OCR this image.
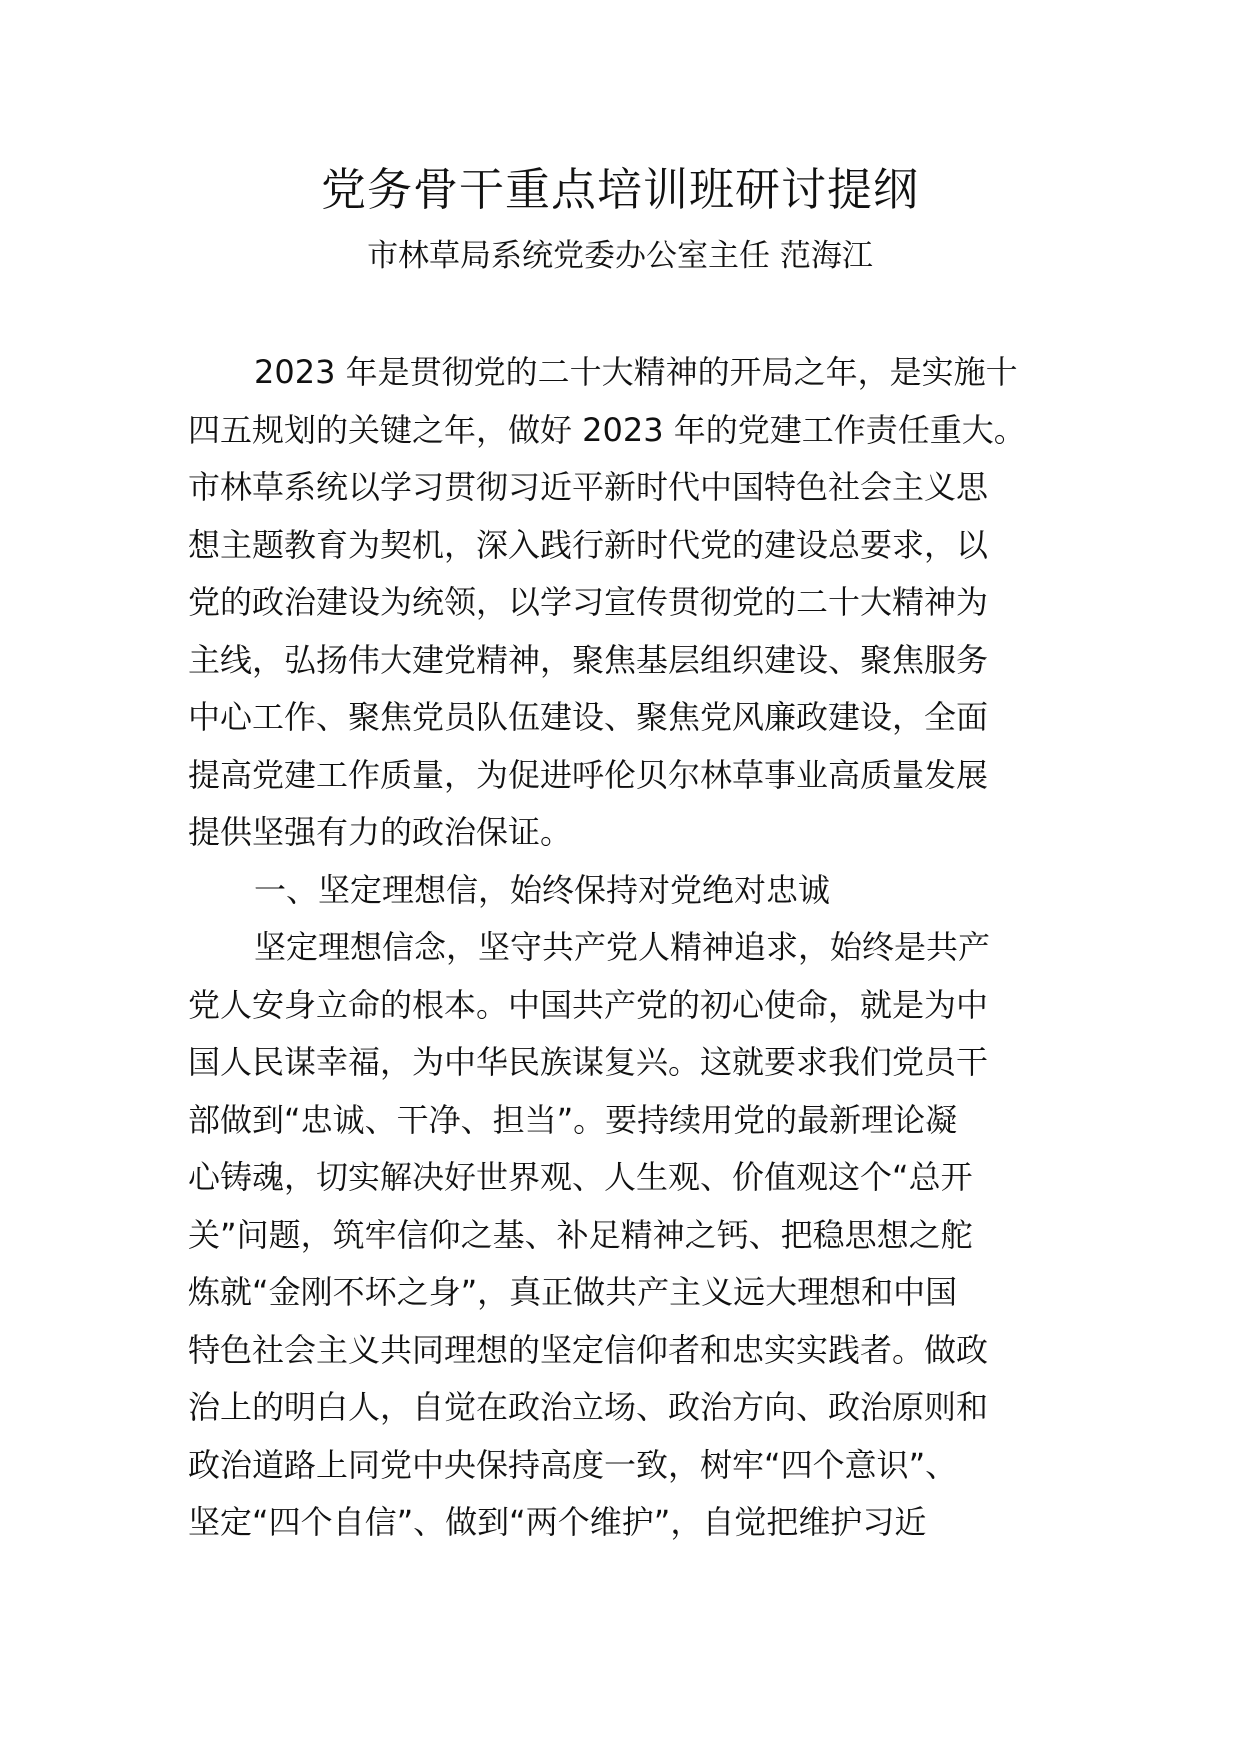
党务骨干重点培训班研讨提纲
市林草局系统党委办公室主任 范海江
2023 年是贯彻党的二十大精神的开局之年，是实施十
四五规划的关键之年，做好 2023 年的党建工作责任重大。
市林草系统以学习贯彻习近平新时代中国特色社会主义思
想主题教育为契机，深入践行新时代党的建设总要求，以
党的政治建设为统领，以学习宣传贯彻党的二十大精神为
主线，弘扬伟大建党精神，聚焦基层组织建设、聚焦服务
中心工作、聚焦党员队伍建设、聚焦党风廉政建设，全面
提高党建工作质量，为促进呼伦贝尔林草事业高质量发展
提供坚强有力的政治保证。
一、坚定理想信，始终保持对党绝对忠诚
坚定理想信念，坚守共产党人精神追求，始终是共产
党人安身立命的根本。中国共产党的初心使命，就是为中
国人民谋幸福，为中华民族谋复兴。这就要求我们党员干
部做到“忠诚、干净、担当”。要持续用党的最新理论凝
心铸魂，切实解决好世界观、人生观、价值观这个“总开
关”问题，筑牢信仰之基、补足精神之钙、把稳思想之舵
炼就“金刚不坏之身”，真正做共产主义远大理想和中国
特色社会主义共同理想的坚定信仰者和忠实实践者。做政
治上的明白人，自觉在政治立场、政治方向、政治原则和
政治道路上同党中央保持高度一致，树牢“四个意识”、
坚定“四个自信”、做到“两个维护”，自觉把维护习近
